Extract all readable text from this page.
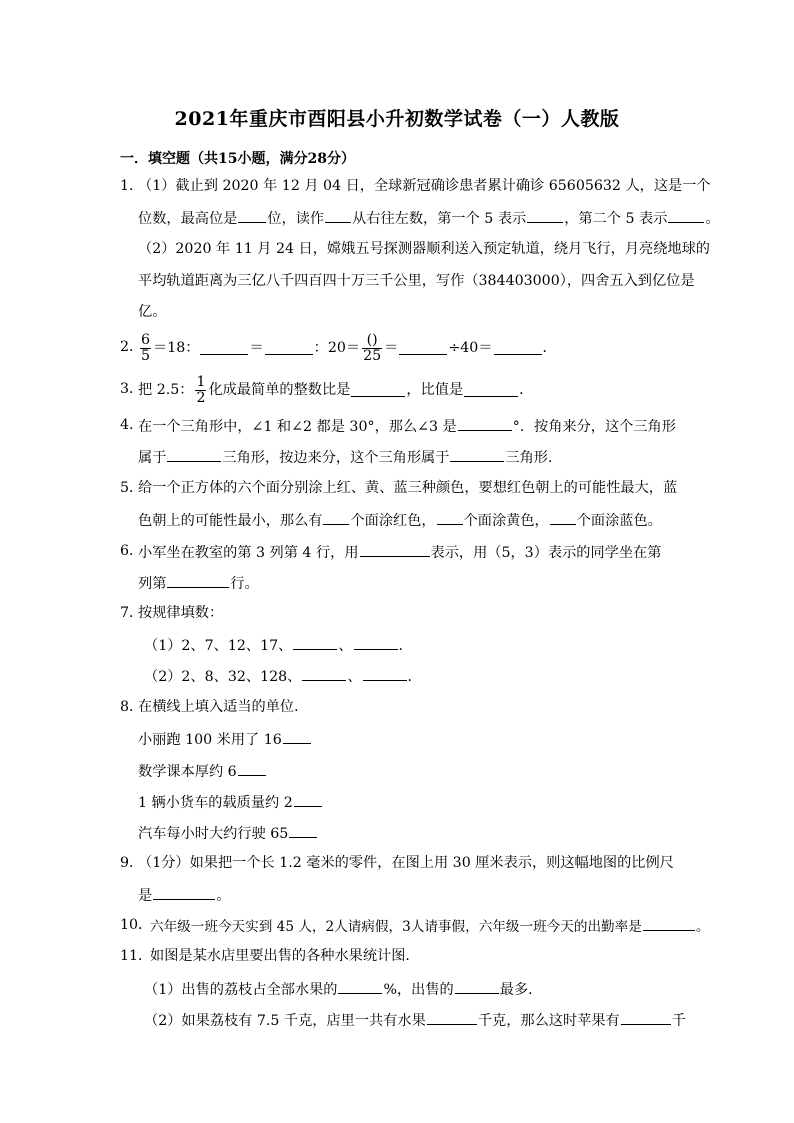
2021年重庆市酉阳县小升初数学试卷（一）人教版
一．填空题（共15小题，满分28分）
1．
（1）截止到 2020 年 12 月 04 日，全球新冠确诊患者累计确诊 65605632 人，这是一个
位数，最高位是 位，读作 从右往左数，第一个 5 表示	，第二个 5 表示	。
（2）2020 年 11 月 24 日，嫦娥五号探测器顺利送入预定轨道，绕月飞行，月亮绕地球的
平均轨道距离为三亿八千四百四十万三千公里，写作（384403000），四舍五入到亿位是
亿。
2．
$\frac{6}{5} =18$：	＝	：$20= \frac{()}{25}$ ＝	÷40＝	．
3．
把 2.5： $\frac{1}{2}$ 化成最简单的整数比是	，比值是	．
4．
在一个三角形中，∠1 和∠2 都是 30°，那么∠3 是	°．按角来分，这个三角形
属于	三角形，按边来分，这个三角形属于	三角形．
5．
给一个正方体的六个面分别涂上红、黄、蓝三种颜色，要想红色朝上的可能性最大，蓝
色朝上的可能性最小，那么有 个面涂红色， 个面涂黄色， 个面涂蓝色。
6．
小军坐在教室的第 3 列第 4 行，用	表示，用（5，3）表示的同学坐在第
列第	行。
7．
按规律填数：
（1）2、7、12、17、	、	．
（2）2、8、32、128、	、	．
8．
在横线上填入适当的单位．
小丽跑 100 米用了 16
数学课本厚约 6
1 辆小货车的载质量约 2
汽车每小时大约行驶 65
9．
（1分）如果把一个长 1.2 毫米的零件，在图上用 30 厘米表示，则这幅地图的比例尺
是	。
10．
六年级一班今天实到 45 人，2人请病假，3人请事假，六年级一班今天的出勤率是	。
11．
如图是某水店里要出售的各种水果统计图．
（1）出售的荔枝占全部水果的	%，出售的	最多．
（2）如果荔枝有 7.5 千克，店里一共有水果	千克，那么这时苹果有	千
